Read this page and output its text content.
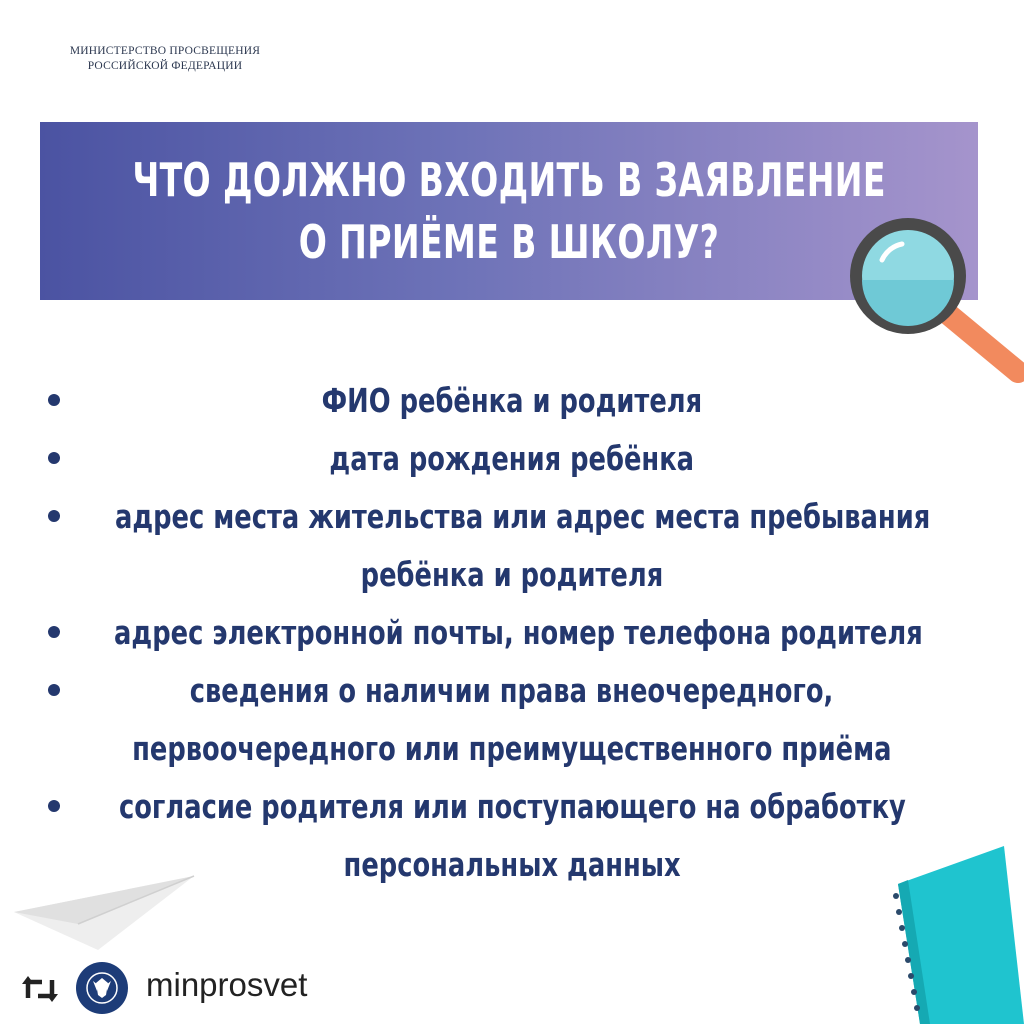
МИНИСТЕРСТВО ПРОСВЕЩЕНИЯ
РОССИЙСКОЙ ФЕДЕРАЦИИ
ЧТО ДОЛЖНО ВХОДИТЬ В ЗАЯВЛЕНИЕ
О ПРИЁМЕ В ШКОЛУ?
ФИО ребёнка и родителя
дата рождения ребёнка
адрес места жительства или адрес места пребывания
ребёнка и родителя
адрес электронной почты, номер телефона родителя
сведения о наличии права внеочередного,
первоочередного или преимущественного приёма
согласие родителя или поступающего на обработку
персональных данных
minprosvet
